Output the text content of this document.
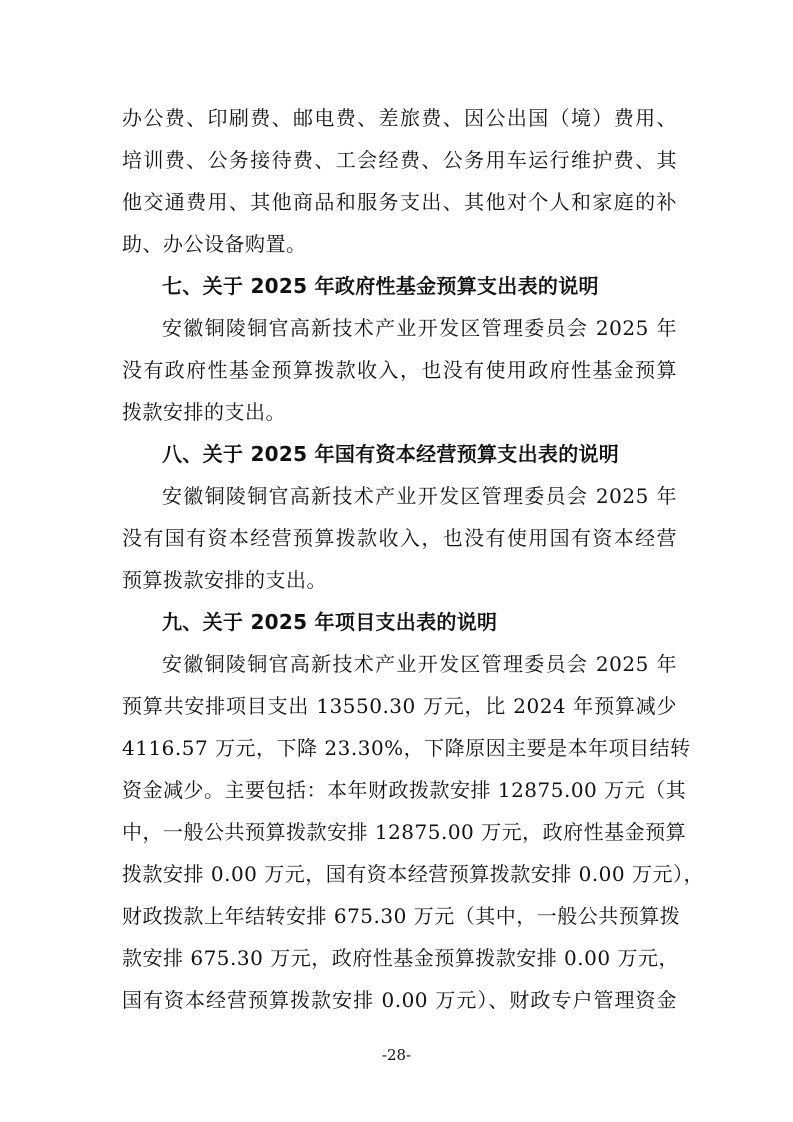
办公费、印刷费、邮电费、差旅费、因公出国（境）费用、
培训费、公务接待费、工会经费、公务用车运行维护费、其
他交通费用、其他商品和服务支出、其他对个人和家庭的补
助、办公设备购置。
七、关于 2025 年政府性基金预算支出表的说明
安徽铜陵铜官高新技术产业开发区管理委员会 2025 年
没有政府性基金预算拨款收入，也没有使用政府性基金预算
拨款安排的支出。
八、关于 2025 年国有资本经营预算支出表的说明
安徽铜陵铜官高新技术产业开发区管理委员会 2025 年
没有国有资本经营预算拨款收入，也没有使用国有资本经营
预算拨款安排的支出。
九、关于 2025 年项目支出表的说明
安徽铜陵铜官高新技术产业开发区管理委员会 2025 年
预算共安排项目支出 13550.30 万元，比 2024 年预算减少
4116.57 万元，下降 23.30%，下降原因主要是本年项目结转
资金减少。主要包括：本年财政拨款安排 12875.00 万元（其
中，一般公共预算拨款安排 12875.00 万元，政府性基金预算
拨款安排 0.00 万元，国有资本经营预算拨款安排 0.00 万元），
财政拨款上年结转安排 675.30 万元（其中，一般公共预算拨
款安排 675.30 万元，政府性基金预算拨款安排 0.00 万元，
国有资本经营预算拨款安排 0.00 万元）、财政专户管理资金
-28-
